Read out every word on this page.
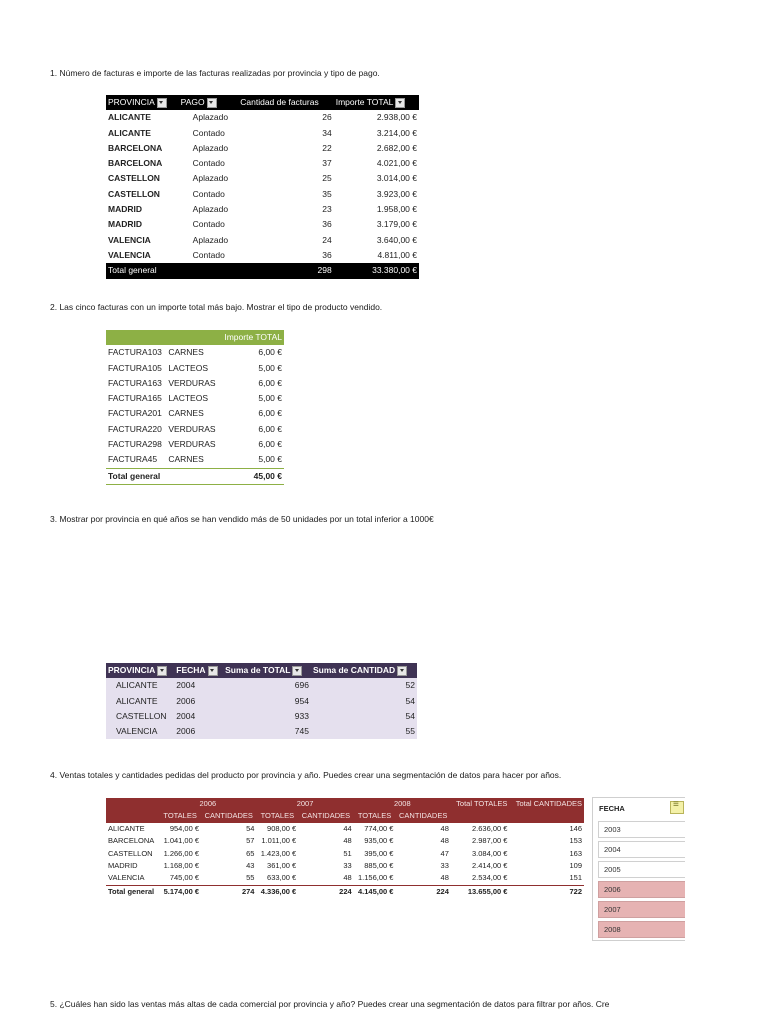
1. Número de facturas e importe de las facturas realizadas por provincia y tipo de pago.
PROVINCIA	PAGO	Cantidad de facturas	Importe TOTAL
ALICANTE	Aplazado	26	2.938,00 €
ALICANTE	Contado	34	3.214,00 €
BARCELONA	Aplazado	22	2.682,00 €
BARCELONA	Contado	37	4.021,00 €
CASTELLON	Aplazado	25	3.014,00 €
CASTELLON	Contado	35	3.923,00 €
MADRID	Aplazado	23	1.958,00 €
MADRID	Contado	36	3.179,00 €
VALENCIA	Aplazado	24	3.640,00 €
VALENCIA	Contado	36	4.811,00 €
Total general		298	33.380,00 €
2. Las cinco facturas con un importe total más bajo. Mostrar el tipo de producto vendido.
		Importe TOTAL
FACTURA103	CARNES	6,00 €
FACTURA105	LACTEOS	5,00 €
FACTURA163	VERDURAS	6,00 €
FACTURA165	LACTEOS	5,00 €
FACTURA201	CARNES	6,00 €
FACTURA220	VERDURAS	6,00 €
FACTURA298	VERDURAS	6,00 €
FACTURA45	CARNES	5,00 €
Total general		45,00 €
3. Mostrar por provincia en qué años se han vendido más de 50 unidades por un total inferior a 1000€
PROVINCIA	FECHA	Suma de TOTAL	Suma de CANTIDAD
ALICANTE	2004	696	52
ALICANTE	2006	954	54
CASTELLON	2004	933	54
VALENCIA	2006	745	55
4. Ventas totales y cantidades pedidas del producto por provincia y año. Puedes crear una segmentación de datos para hacer por años.
	2006		2007		2008		Total TOTALES	Total CANTIDADES
	TOTALES	CANTIDADES	TOTALES	CANTIDADES	TOTALES	CANTIDADES		
ALICANTE	954,00 €	54	908,00 €	44	774,00 €	48	2.636,00 €	146
BARCELONA	1.041,00 €	57	1.011,00 €	48	935,00 €	48	2.987,00 €	153
CASTELLON	1.266,00 €	65	1.423,00 €	51	395,00 €	47	3.084,00 €	163
MADRID	1.168,00 €	43	361,00 €	33	885,00 €	33	2.414,00 €	109
VALENCIA	745,00 €	55	633,00 €	48	1.156,00 €	48	2.534,00 €	151
Total general	5.174,00 €	274	4.336,00 €	224	4.145,00 €	224	13.655,00 €	722
FECHA
≡
2003
2004
2005
2006
2007
2008
5. ¿Cuáles han sido las ventas más altas de cada comercial por provincia y año? Puedes crear una segmentación de datos para filtrar por años. Cre
